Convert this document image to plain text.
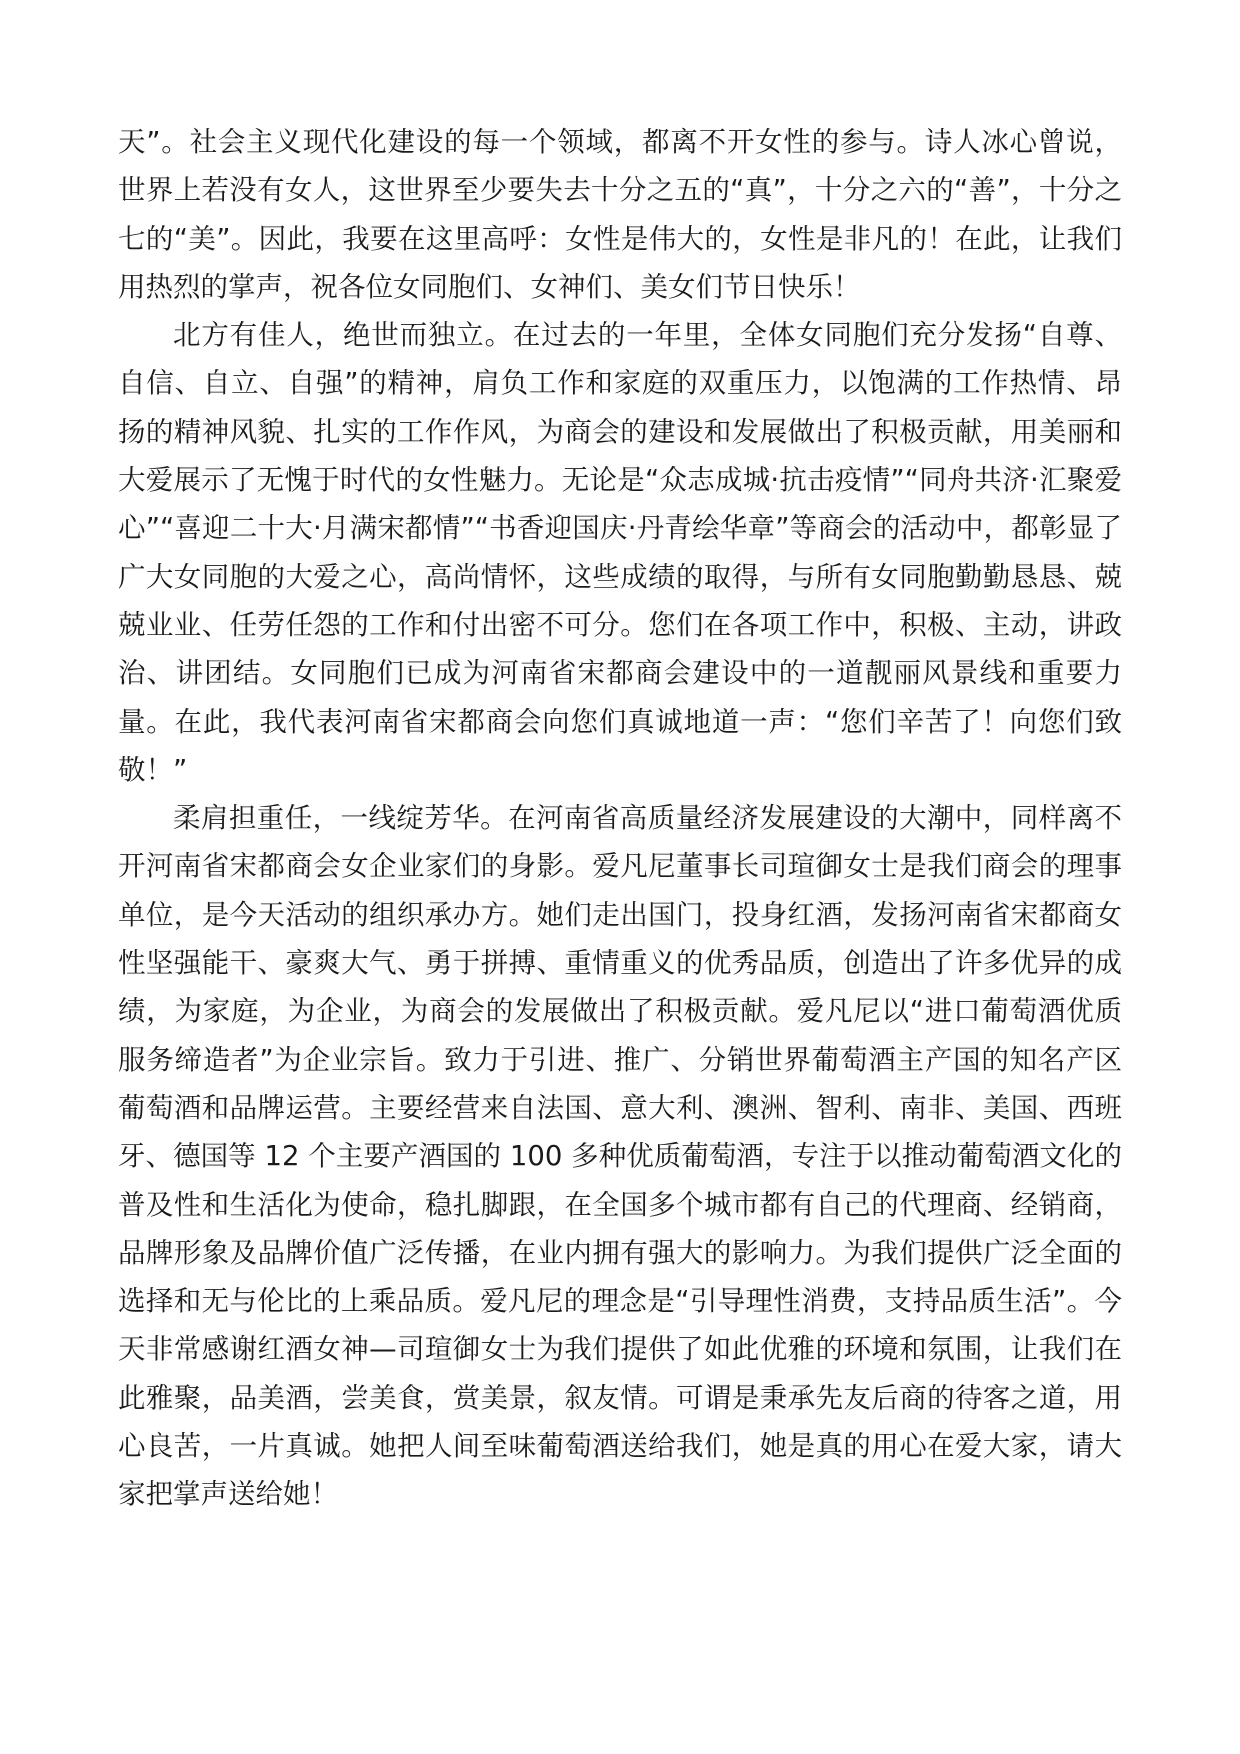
天”。社会主义现代化建设的每一个领域，都离不开女性的参与。诗人冰心曾说，世界上若没有女人，这世界至少要失去十分之五的“真”，十分之六的“善”，十分之七的“美”。因此，我要在这里高呼：女性是伟大的，女性是非凡的！在此，让我们用热烈的掌声，祝各位女同胞们、女神们、美女们节日快乐！

北方有佳人，绝世而独立。在过去的一年里，全体女同胞们充分发扬“自尊、自信、自立、自强”的精神，肩负工作和家庭的双重压力，以饱满的工作热情、昂扬的精神风貌、扎实的工作作风，为商会的建设和发展做出了积极贡献，用美丽和大爱展示了无愧于时代的女性魅力。无论是“众志成城·抗击疫情”“同舟共济·汇聚爱心”“喜迎二十大·月满宋都情”“书香迎国庆·丹青绘华章”等商会的活动中，都彰显了广大女同胞的大爱之心，高尚情怀，这些成绩的取得，与所有女同胞勤勤恳恳、兢兢业业、任劳任怨的工作和付出密不可分。您们在各项工作中，积极、主动，讲政治、讲团结。女同胞们已成为河南省宋都商会建设中的一道靓丽风景线和重要力量。在此，我代表河南省宋都商会向您们真诚地道一声：“您们辛苦了！向您们致敬！”

柔肩担重任，一线绽芳华。在河南省高质量经济发展建设的大潮中，同样离不开河南省宋都商会女企业家们的身影。爱凡尼董事长司瑄御女士是我们商会的理事单位，是今天活动的组织承办方。她们走出国门，投身红酒，发扬河南省宋都商女性坚强能干、豪爽大气、勇于拼搏、重情重义的优秀品质，创造出了许多优异的成绩，为家庭，为企业，为商会的发展做出了积极贡献。爱凡尼以“进口葡萄酒优质服务缔造者”为企业宗旨。致力于引进、推广、分销世界葡萄酒主产国的知名产区葡萄酒和品牌运营。主要经营来自法国、意大利、澳洲、智利、南非、美国、西班牙、德国等 12 个主要产酒国的 100 多种优质葡萄酒，专注于以推动葡萄酒文化的普及性和生活化为使命，稳扎脚跟，在全国多个城市都有自己的代理商、经销商，品牌形象及品牌价值广泛传播，在业内拥有强大的影响力。为我们提供广泛全面的选择和无与伦比的上乘品质。爱凡尼的理念是“引导理性消费，支持品质生活”。今天非常感谢红酒女神—司瑄御女士为我们提供了如此优雅的环境和氛围，让我们在此雅聚，品美酒，尝美食，赏美景，叙友情。可谓是秉承先友后商的待客之道，用心良苦，一片真诚。她把人间至味葡萄酒送给我们，她是真的用心在爱大家，请大家把掌声送给她！
